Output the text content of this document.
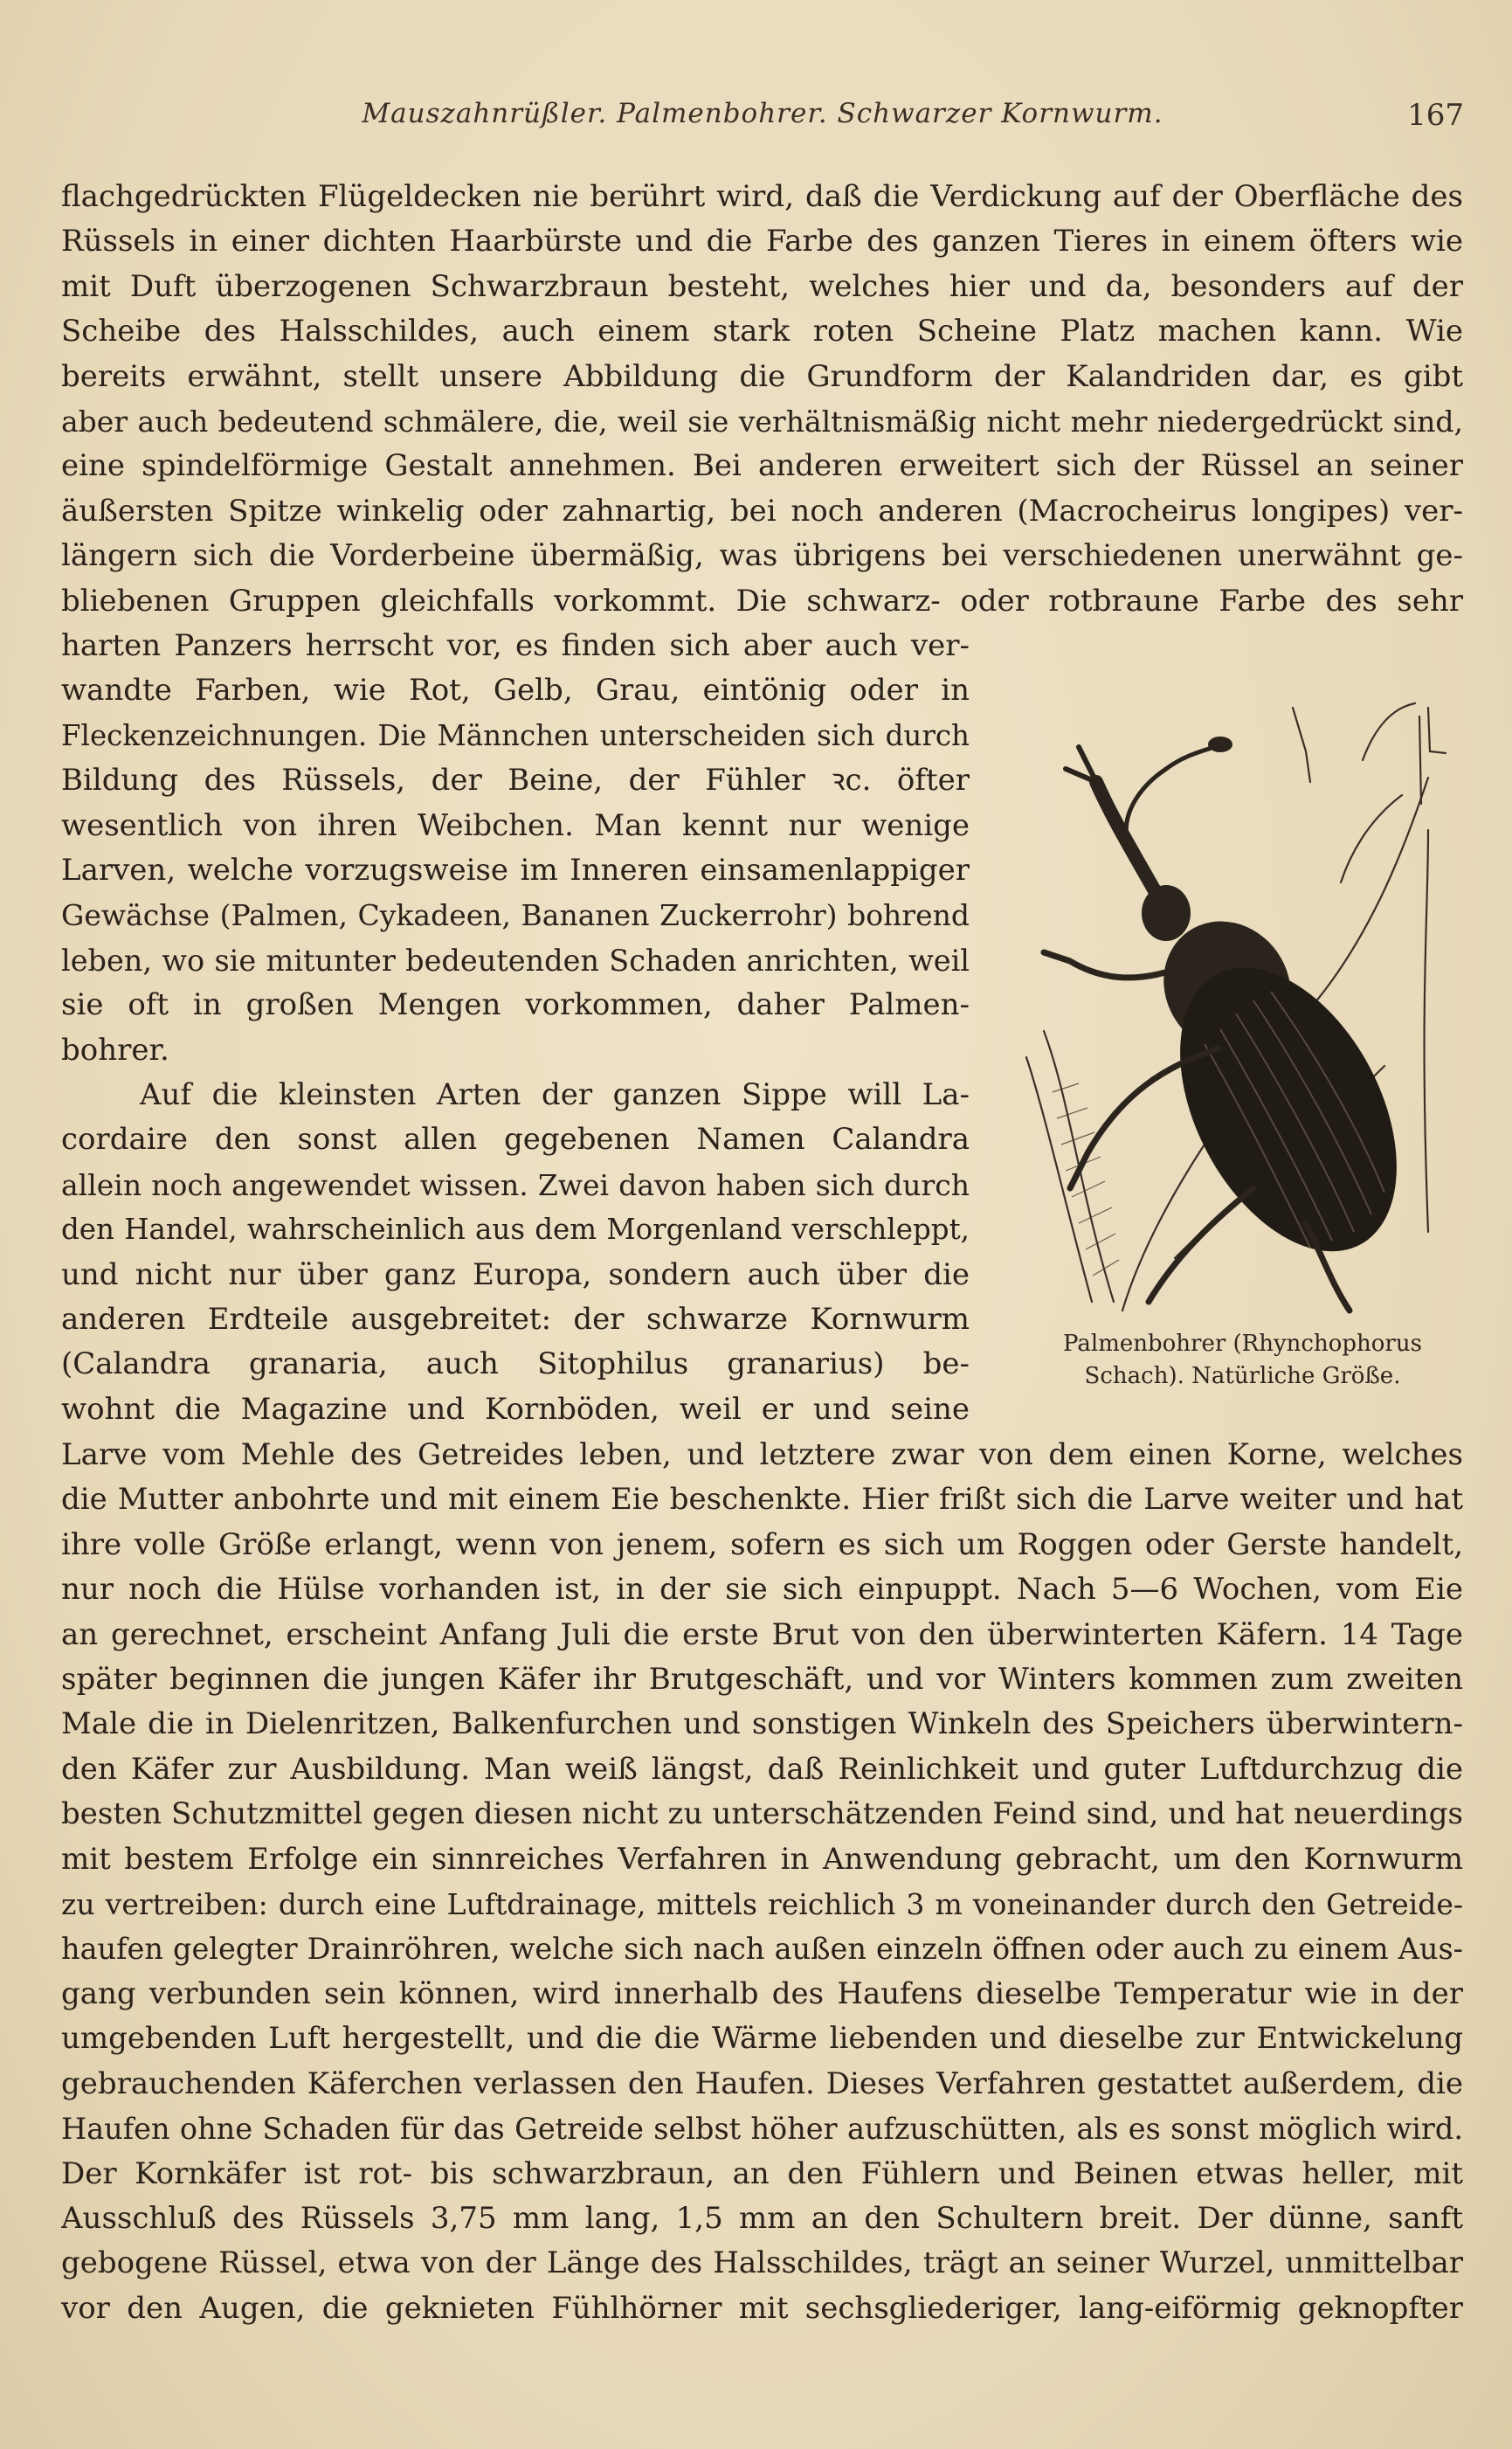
Mauszahnrüßler. Palmenbohrer. Schwarzer Kornwurm.	167
flachgedrückten Flügeldecken nie berührt wird, daß die Verdickung auf der Oberfläche des
Rüssels in einer dichten Haarbürste und die Farbe des ganzen Tieres in einem öfters wie
mit Duft überzogenen Schwarzbraun besteht, welches hier und da, besonders auf der
Scheibe des Halsschildes, auch einem stark roten Scheine Platz machen kann. Wie
bereits erwähnt, stellt unsere Abbildung die Grundform der Kalandriden dar, es gibt
aber auch bedeutend schmälere, die, weil sie verhältnismäßig nicht mehr niedergedrückt sind,
eine spindelförmige Gestalt annehmen. Bei anderen erweitert sich der Rüssel an seiner
äußersten Spitze winkelig oder zahnartig, bei noch anderen (Macrocheirus longipes) ver-
längern sich die Vorderbeine übermäßig, was übrigens bei verschiedenen unerwähnt ge-
bliebenen Gruppen gleichfalls vorkommt. Die schwarz- oder rotbraune Farbe des sehr
harten Panzers herrscht vor, es finden sich aber auch ver-
wandte Farben, wie Rot, Gelb, Grau, eintönig oder in
Fleckenzeichnungen. Die Männchen unterscheiden sich durch
Bildung des Rüssels, der Beine, der Fühler ꝛc. öfter
wesentlich von ihren Weibchen. Man kennt nur wenige
Larven, welche vorzugsweise im Inneren einsamenlappiger
Gewächse (Palmen, Cykadeen, Bananen Zuckerrohr) bohrend
leben, wo sie mitunter bedeutenden Schaden anrichten, weil
sie oft in großen Mengen vorkommen, daher Palmen-
bohrer.
Auf die kleinsten Arten der ganzen Sippe will La-
cordaire den sonst allen gegebenen Namen Calandra
allein noch angewendet wissen. Zwei davon haben sich durch
den Handel, wahrscheinlich aus dem Morgenland verschleppt,
und nicht nur über ganz Europa, sondern auch über die
anderen Erdteile ausgebreitet: der schwarze Kornwurm
(Calandra granaria, auch Sitophilus granarius) be-
wohnt die Magazine und Kornböden, weil er und seine
Palmenbohrer (Rhynchophorus
Schach). Natürliche Größe.
Larve vom Mehle des Getreides leben, und letztere zwar von dem einen Korne, welches
die Mutter anbohrte und mit einem Eie beschenkte. Hier frißt sich die Larve weiter und hat
ihre volle Größe erlangt, wenn von jenem, sofern es sich um Roggen oder Gerste handelt,
nur noch die Hülse vorhanden ist, in der sie sich einpuppt. Nach 5—6 Wochen, vom Eie
an gerechnet, erscheint Anfang Juli die erste Brut von den überwinterten Käfern. 14 Tage
später beginnen die jungen Käfer ihr Brutgeschäft, und vor Winters kommen zum zweiten
Male die in Dielenritzen, Balkenfurchen und sonstigen Winkeln des Speichers überwintern-
den Käfer zur Ausbildung. Man weiß längst, daß Reinlichkeit und guter Luftdurchzug die
besten Schutzmittel gegen diesen nicht zu unterschätzenden Feind sind, und hat neuerdings
mit bestem Erfolge ein sinnreiches Verfahren in Anwendung gebracht, um den Kornwurm
zu vertreiben: durch eine Luftdrainage, mittels reichlich 3 m voneinander durch den Getreide-
haufen gelegter Drainröhren, welche sich nach außen einzeln öffnen oder auch zu einem Aus-
gang verbunden sein können, wird innerhalb des Haufens dieselbe Temperatur wie in der
umgebenden Luft hergestellt, und die die Wärme liebenden und dieselbe zur Entwickelung
gebrauchenden Käferchen verlassen den Haufen. Dieses Verfahren gestattet außerdem, die
Haufen ohne Schaden für das Getreide selbst höher aufzuschütten, als es sonst möglich wird.
Der Kornkäfer ist rot- bis schwarzbraun, an den Fühlern und Beinen etwas heller, mit
Ausschluß des Rüssels 3,75 mm lang, 1,5 mm an den Schultern breit. Der dünne, sanft
gebogene Rüssel, etwa von der Länge des Halsschildes, trägt an seiner Wurzel, unmittelbar
vor den Augen, die geknieten Fühlhörner mit sechsgliederiger, lang-eiförmig geknopfter
